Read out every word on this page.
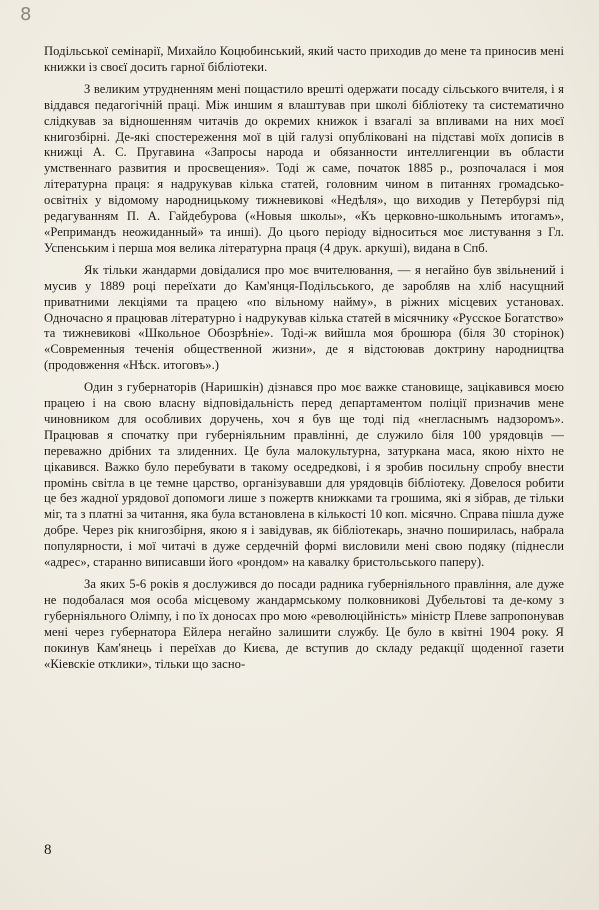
8

Подільської семінарії, Михайло Коцюбинський, який часто приходив до мене та приносив мені книжки із своєї досить гарної бібліотеки.

З великим утрудненням мені пощастило врешті одержати посаду сільського вчителя, і я віддався педагогічній праці. Між иншим я влаштував при школі бібліотеку та систематично слідкував за відношенням читачів до окремих книжок і взагалі за впливами на них моєї книгозбірні. Де-які спостереження мої в цій галузі опубліковані на підставі моїх дописів в книжці А. С. Пругавина «Запросы народа и обязанности интеллигенции въ области умственнаго развития и просвещения». Тоді ж саме, початок 1885 р., розпочалася і моя літературна праця: я надрукував кілька статей, головним чином в питаннях громадсько-освітніх у відомому народницькому тижневикові «Недѣля», що виходив у Петербурзі під редагуванням П. А. Гайдебурова («Новыя школы», «Къ церковно-школьнымъ итогамъ», «Репримандъ неожиданный» та инші). До цього періоду відноситься моє листування з Гл. Успенським і перша моя велика літературна праця (4 друк. аркуші), видана в Спб.

Як тільки жандарми довідалися про моє вчителювання, — я негайно був звільнений і мусив у 1889 році переїхати до Кам'янця-Подільського, де заробляв на хліб насущний приватними лекціями та працею «по вільному найму», в ріжних місцевих установах. Одночасно я працював літературно і надрукував кілька статей в місячнику «Русское Богатство» та тижневикові «Школьное Обозрѣніе». Тоді-ж вийшла моя брошюра (біля 30 сторінок) «Современныя теченія общественной жизни», де я відстоював доктрину народництва (продовження «Нѣск. итоговъ».)

Один з губернаторів (Наришкін) дізнався про моє важке становище, зацікавився моєю працею і на свою власну відповідальність перед департаментом поліції призначив мене чиновником для особливих доручень, хоч я був ще тоді під «негласнымъ надзоромъ». Працював я спочатку при губерніяльним правлінні, де служило біля 100 урядовців — переважно дрібних та злиденних. Це була малокультурна, затуркана маса, якою ніхто не цікавився. Важко було перебувати в такому оседредкові, і я зробив посильну спробу внести промінь світла в це темне царство, організувавши для урядовців бібліотеку. Довелося робити це без жадної урядової допомоги лише з пожертв книжками та грошима, які я зібрав, де тільки міг, та з платні за читання, яка була встановлена в кількості 10 коп. місячно. Справа пішла дуже добре. Через рік книгозбірня, якою я і завідував, як бібліотекарь, значно поширилась, набрала популярности, і мої читачі в дуже сердечній формі висловили мені свою подяку (піднесли «адрес», старанно виписавши його «рондом» на кавалку бристольського паперу).

За яких 5-6 років я дослужився до посади радника губерніяльного правління, але дуже не подобалася моя особа місцевому жандармському полковникові Дубельтові та де-кому з губерніяльного Олімпу, і по їх доносах про мою «революційність» міністр Плеве запропонував мені через губернатора Ейлера негайно залишити службу. Це було в квітні 1904 року. Я покинув Кам'янець і переїхав до Києва, де вступив до складу редакції щоденної газети «Кіевскіе отклики», тільки що засно-

8
